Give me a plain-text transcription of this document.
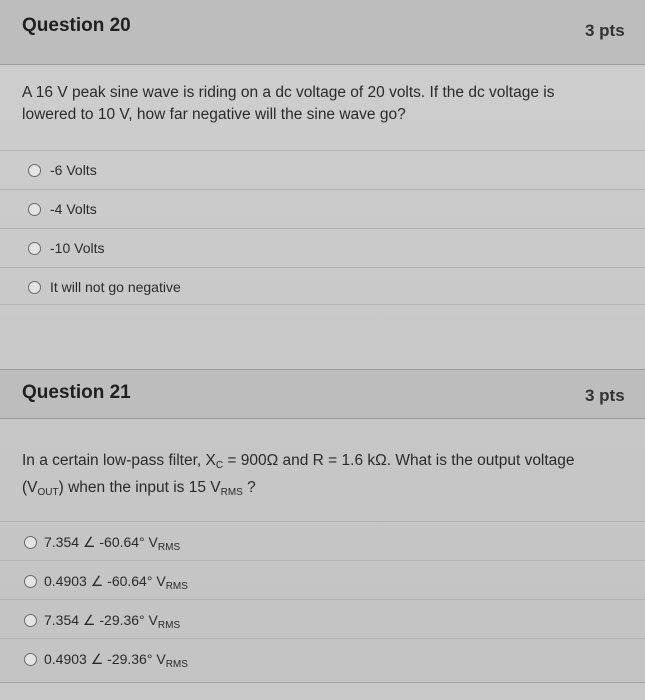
Question 20	3 pts
A 16 V peak sine wave is riding on a dc voltage of 20 volts. If the dc voltage is
lowered to 10 V, how far negative will the sine wave go?
-6 Volts
-4 Volts
-10 Volts
It will not go negative
Question 21	3 pts
In a certain low-pass filter, $X_C = 900\Omega$ and R = 1.6 kΩ. What is the output voltage
$(V_{OUT})$ when the input is 15 $V_{RMS}$ ?
7.354 ∠ -60.64° $V_{RMS}$
0.4903 ∠ -60.64° $V_{RMS}$
7.354 ∠ -29.36° $V_{RMS}$
0.4903 ∠ -29.36° $V_{RMS}$
